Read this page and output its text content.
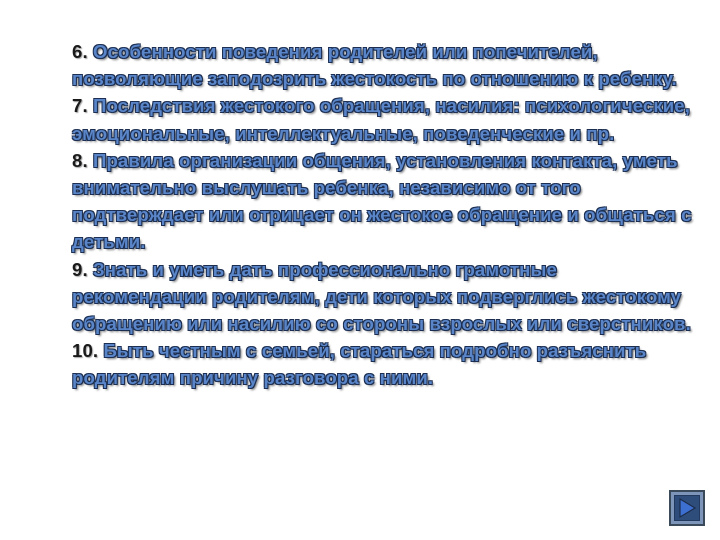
6. Особенности поведения родителей или попечителей, позволяющие заподозрить жестокость по отношению к ребенку.
7. Последствия жестокого обращения, насилия: психологические, эмоциональные, интеллектуальные, поведенческие и пр.
8. Правила организации общения, установления контакта, уметь внимательно выслушать ребенка, независимо от того подтверждает или отрицает он жестокое обращение и общаться с детьми.
9. Знать и уметь дать профессионально грамотные рекомендации родителям, дети которых подверглись жестокому обращению или насилию со стороны взрослых или сверстников.
10. Быть честным с семьей, стараться подробно разъяснить родителям причину разговора с ними.
